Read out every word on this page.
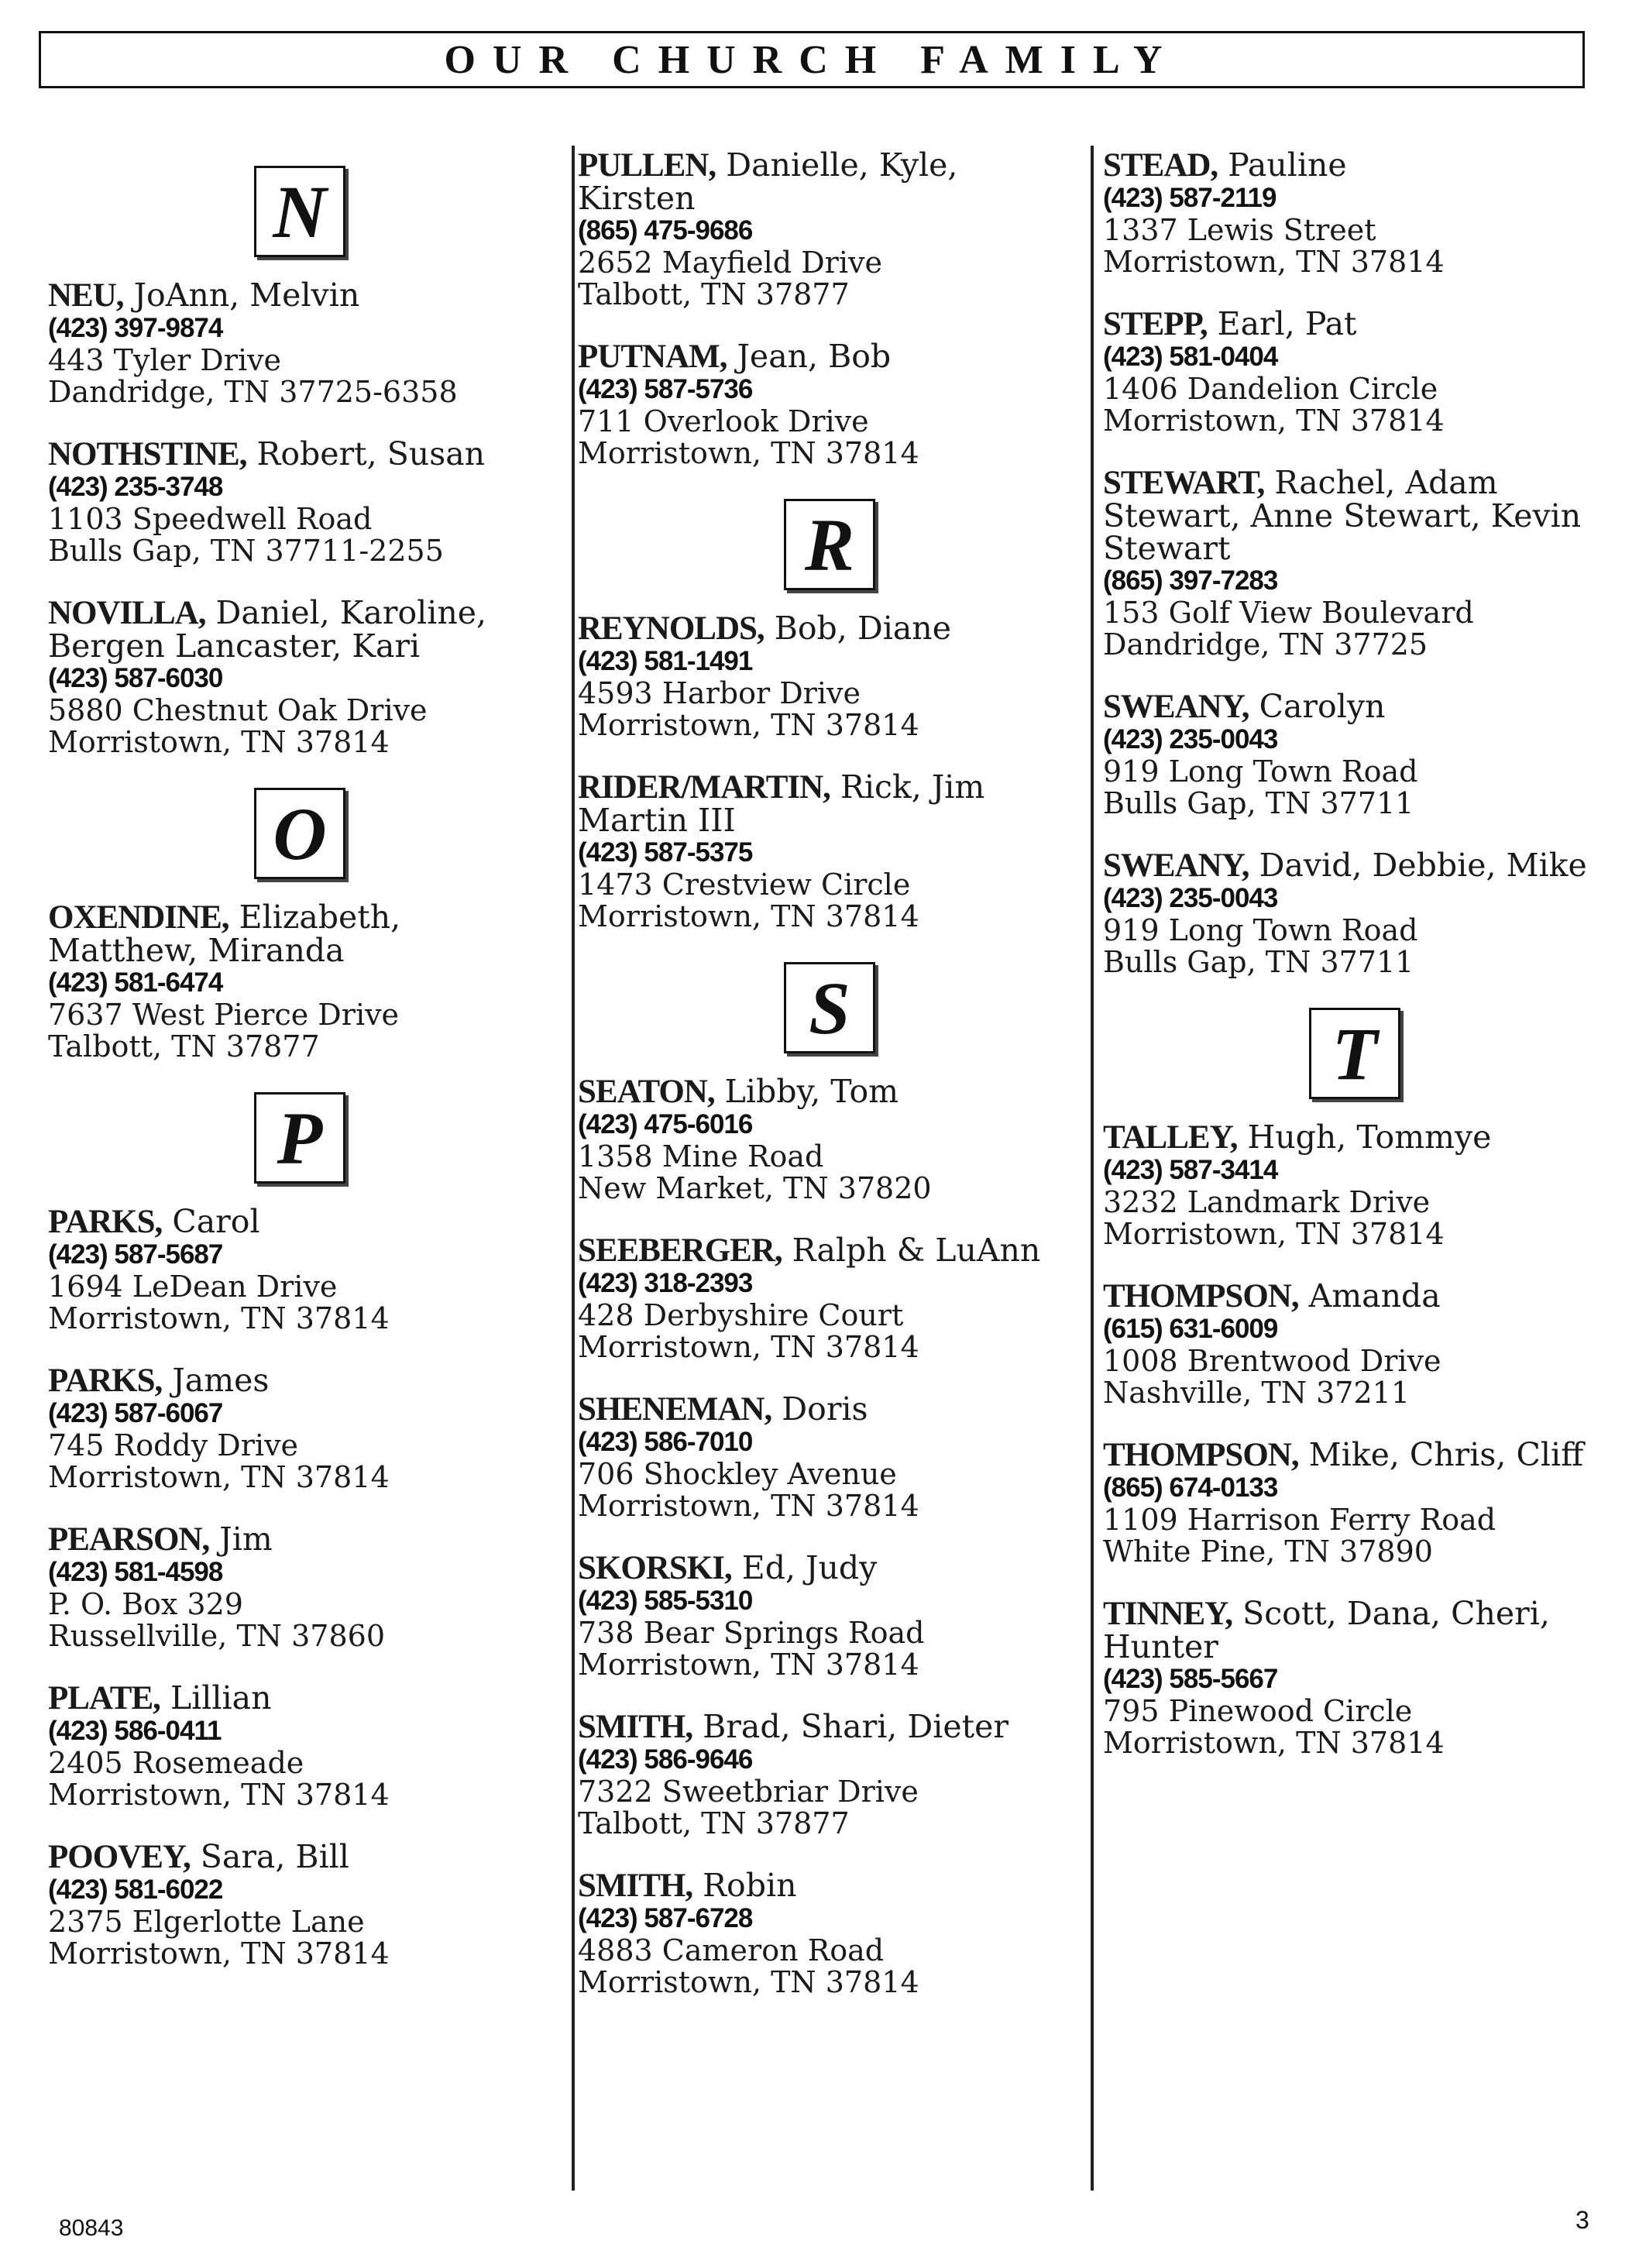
OUR CHURCH FAMILY
N
NEU, JoAnn, Melvin
(423) 397-9874
443 Tyler Drive
Dandridge, TN 37725-6358
NOTHSTINE, Robert, Susan
(423) 235-3748
1103 Speedwell Road
Bulls Gap, TN 37711-2255
NOVILLA, Daniel, Karoline, Bergen Lancaster, Kari
(423) 587-6030
5880 Chestnut Oak Drive
Morristown, TN 37814
O
OXENDINE, Elizabeth, Matthew, Miranda
(423) 581-6474
7637 West Pierce Drive
Talbott, TN 37877
P
PARKS, Carol
(423) 587-5687
1694 LeDean Drive
Morristown, TN 37814
PARKS, James
(423) 587-6067
745 Roddy Drive
Morristown, TN 37814
PEARSON, Jim
(423) 581-4598
P. O. Box 329
Russellville, TN 37860
PLATE, Lillian
(423) 586-0411
2405 Rosemeade
Morristown, TN 37814
POOVEY, Sara, Bill
(423) 581-6022
2375 Elgerlotte Lane
Morristown, TN 37814
PULLEN, Danielle, Kyle, Kirsten
(865) 475-9686
2652 Mayfield Drive
Talbott, TN 37877
PUTNAM, Jean, Bob
(423) 587-5736
711 Overlook Drive
Morristown, TN 37814
R
REYNOLDS, Bob, Diane
(423) 581-1491
4593 Harbor Drive
Morristown, TN 37814
RIDER/MARTIN, Rick, Jim Martin III
(423) 587-5375
1473 Crestview Circle
Morristown, TN 37814
S
SEATON, Libby, Tom
(423) 475-6016
1358 Mine Road
New Market, TN 37820
SEEBERGER, Ralph & LuAnn
(423) 318-2393
428 Derbyshire Court
Morristown, TN 37814
SHENEMAN, Doris
(423) 586-7010
706 Shockley Avenue
Morristown, TN 37814
SKORSKI, Ed, Judy
(423) 585-5310
738 Bear Springs Road
Morristown, TN 37814
SMITH, Brad, Shari, Dieter
(423) 586-9646
7322 Sweetbriar Drive
Talbott, TN 37877
SMITH, Robin
(423) 587-6728
4883 Cameron Road
Morristown, TN 37814
STEAD, Pauline
(423) 587-2119
1337 Lewis Street
Morristown, TN 37814
STEPP, Earl, Pat
(423) 581-0404
1406 Dandelion Circle
Morristown, TN 37814
STEWART, Rachel, Adam Stewart, Anne Stewart, Kevin Stewart
(865) 397-7283
153 Golf View Boulevard
Dandridge, TN 37725
SWEANY, Carolyn
(423) 235-0043
919 Long Town Road
Bulls Gap, TN 37711
SWEANY, David, Debbie, Mike
(423) 235-0043
919 Long Town Road
Bulls Gap, TN 37711
T
TALLEY, Hugh, Tommye
(423) 587-3414
3232 Landmark Drive
Morristown, TN 37814
THOMPSON, Amanda
(615) 631-6009
1008 Brentwood Drive
Nashville, TN 37211
THOMPSON, Mike, Chris, Cliff
(865) 674-0133
1109 Harrison Ferry Road
White Pine, TN 37890
TINNEY, Scott, Dana, Cheri, Hunter
(423) 585-5667
795 Pinewood Circle
Morristown, TN 37814
80843	3
